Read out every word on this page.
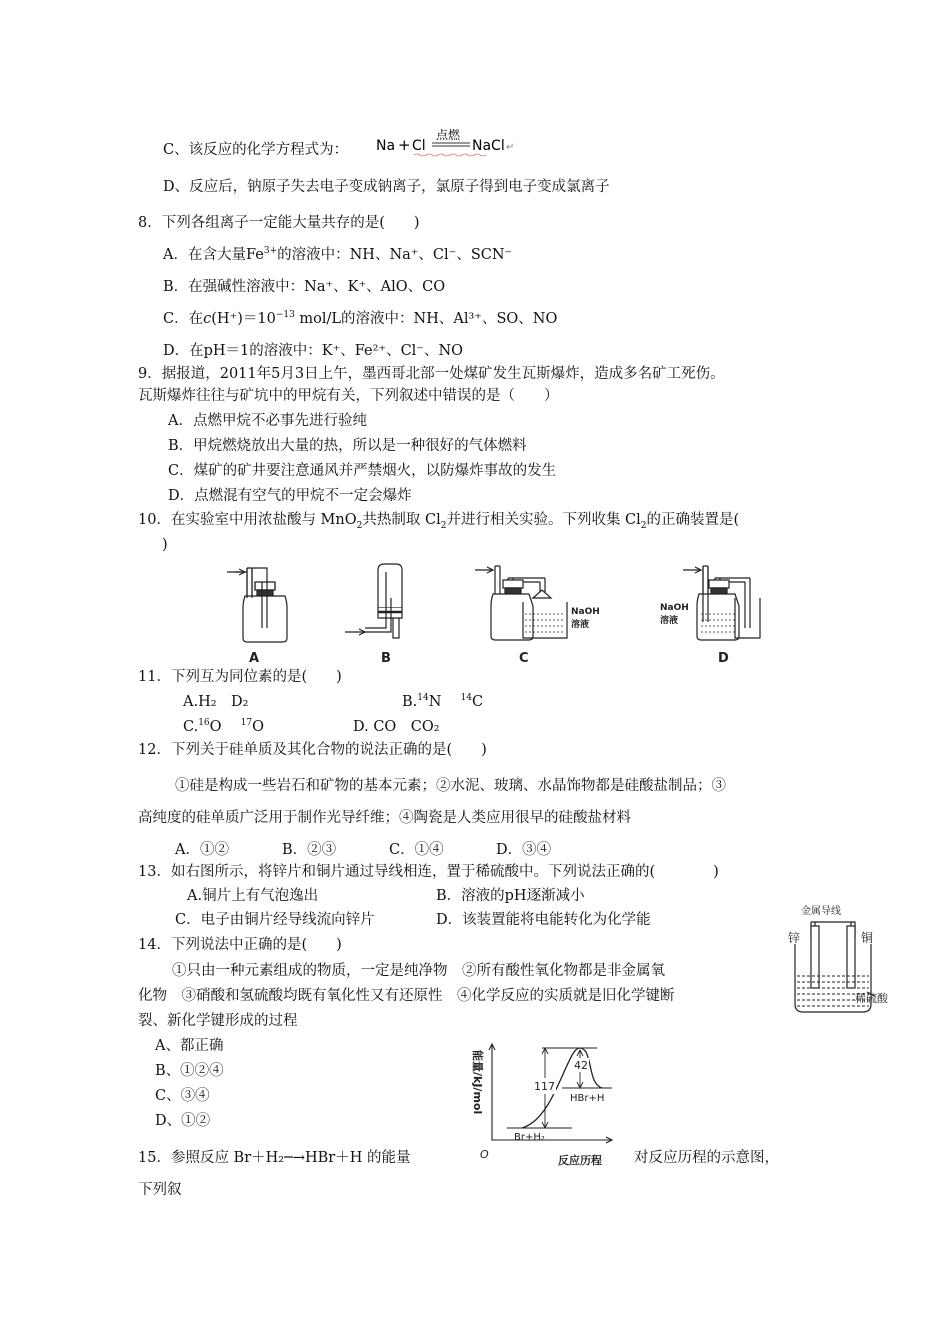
C、该反应的化学方程式为： Na + Cl
点燃
NaCl ↵
D、反应后，钠原子失去电子变成钠离子，氯原子得到电子变成氯离子
8．下列各组离子一定能大量共存的是(　　)
A．在含大量$Fe^{3+}$的溶液中：NH、Na⁺、Cl⁻、SCN⁻
B．在强碱性溶液中：Na⁺、K⁺、AlO、CO
C．在$c(H^+)=10^{-13}$ mol/L的溶液中：NH、Al³⁺、SO、NO
D．在pH＝1的溶液中：K⁺、Fe²⁺、Cl⁻、NO
9．据报道，2011年5月3日上午，墨西哥北部一处煤矿发生瓦斯爆炸，造成多名矿工死伤。
瓦斯爆炸往往与矿坑中的甲烷有关，下列叙述中错误的是（　　）
A．点燃甲烷不必事先进行验纯
B．甲烷燃烧放出大量的热，所以是一种很好的气体燃料
C．煤矿的矿井要注意通风并严禁烟火，以防爆炸事故的发生
D．点燃混有空气的甲烷不一定会爆炸
10．在实验室中用浓盐酸与 MnO$_2$共热制取 $Cl_2$并进行相关实验。下列收集 $Cl_2$的正确装置是(
)
A	B
NaOH
溶液
C
NaOH
溶液
D
11．下列互为同位素的是(　　)
A.H₂　D₂	B.$^{14}$N　 $^{14}$C
C.$^{16}$O　 $^{17}$O	D. CO　CO₂
12．下列关于硅单质及其化合物的说法正确的是(　　)
①硅是构成一些岩石和矿物的基本元素；②水泥、玻璃、水晶饰物都是硅酸盐制品；③
高纯度的硅单质广泛用于制作光导纤维；④陶瓷是人类应用很早的硅酸盐材料
A．①②	B．②③	C．①④	D．③④
13．如右图所示，将锌片和铜片通过导线相连，置于稀硫酸中。下列说法正确的(　　　　)
A.铜片上有气泡逸出	B．溶液的pH逐渐减小
C．电子由铜片经导线流向锌片	D．该装置能将电能转化为化学能
金属导线
锌	铜
稀硫酸
14．下列说法中正确的是(　　)
①只由一种元素组成的物质，一定是纯净物　②所有酸性氧化物都是非金属氧
化物　③硝酸和氢硫酸均既有氧化性又有还原性　④化学反应的实质就是旧化学键断
裂、新化学键形成的过程
A、都正确
B、①②④
C、③④
D、①②
能量/kJ/mol
O	反应历程
117
42
HBr+H
Br+H₂
15．参照反应 Br＋H₂─→HBr＋H 的能量	对反应历程的示意图，
下列叙
